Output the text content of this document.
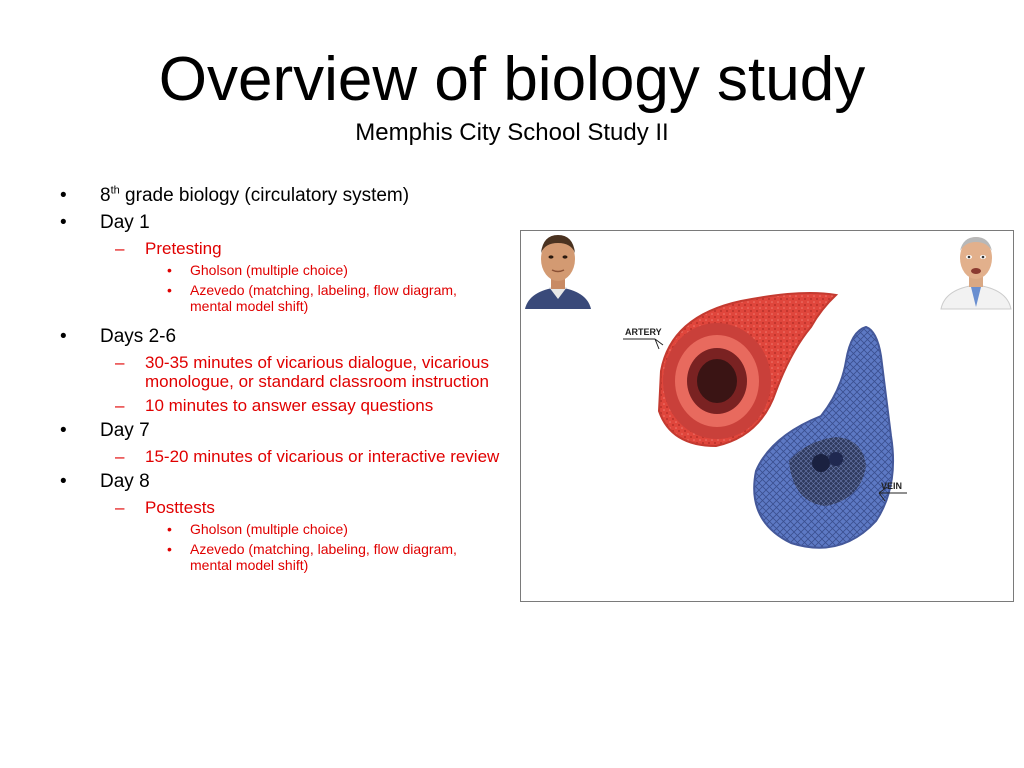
Overview of biology study
Memphis City School Study II
• 8th grade biology (circulatory system)
• Day 1
– Pretesting
• Gholson (multiple choice)
• Azevedo (matching, labeling, flow diagram, mental model shift)
• Days 2-6
– 30-35 minutes of vicarious dialogue, vicarious monologue, or standard classroom instruction
– 10 minutes to answer essay questions
• Day 7
– 15-20 minutes of vicarious or interactive review
• Day 8
– Posttests
• Gholson (multiple choice)
• Azevedo (matching, labeling, flow diagram, mental model shift)
ARTERY
VEIN
